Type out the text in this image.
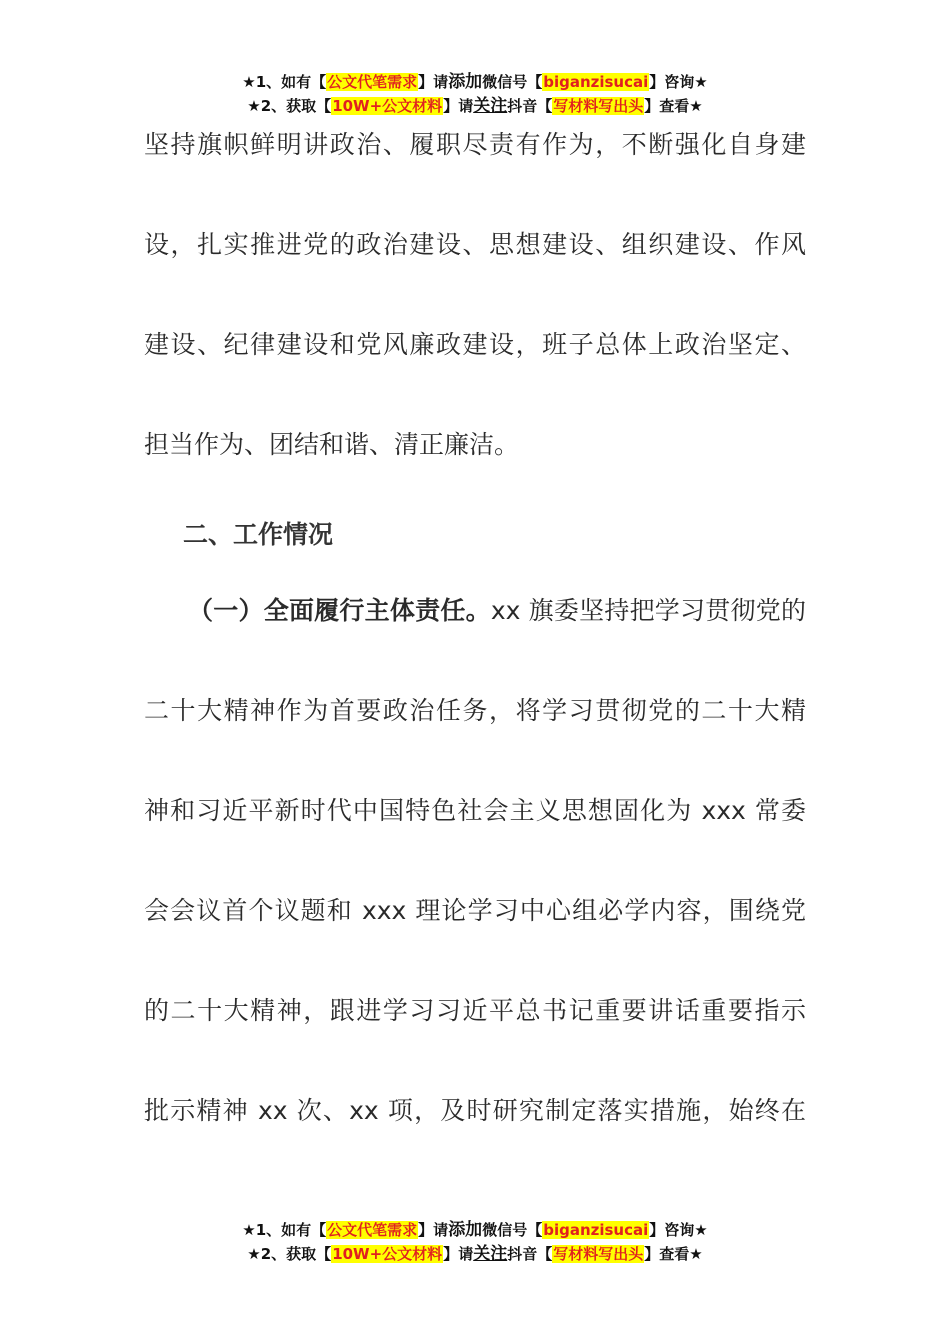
★1、如有【公文代笔需求】请添加微信号【biganzisucai】咨询★
★2、获取【10W+公文材料】请关注抖音【写材料写出头】查看★
坚持旗帜鲜明讲政治、履职尽责有作为，不断强化自身建
设，扎实推进党的政治建设、思想建设、组织建设、作风
建设、纪律建设和党风廉政建设，班子总体上政治坚定、
担当作为、团结和谐、清正廉洁。
二、工作情况
（一）全面履行主体责任。xx 旗委坚持把学习贯彻党的
二十大精神作为首要政治任务，将学习贯彻党的二十大精
神和习近平新时代中国特色社会主义思想固化为 xxx 常委
会会议首个议题和 xxx 理论学习中心组必学内容，围绕党
的二十大精神，跟进学习习近平总书记重要讲话重要指示
批示精神 xx 次、xx 项，及时研究制定落实措施，始终在
★1、如有【公文代笔需求】请添加微信号【biganzisucai】咨询★
★2、获取【10W+公文材料】请关注抖音【写材料写出头】查看★
